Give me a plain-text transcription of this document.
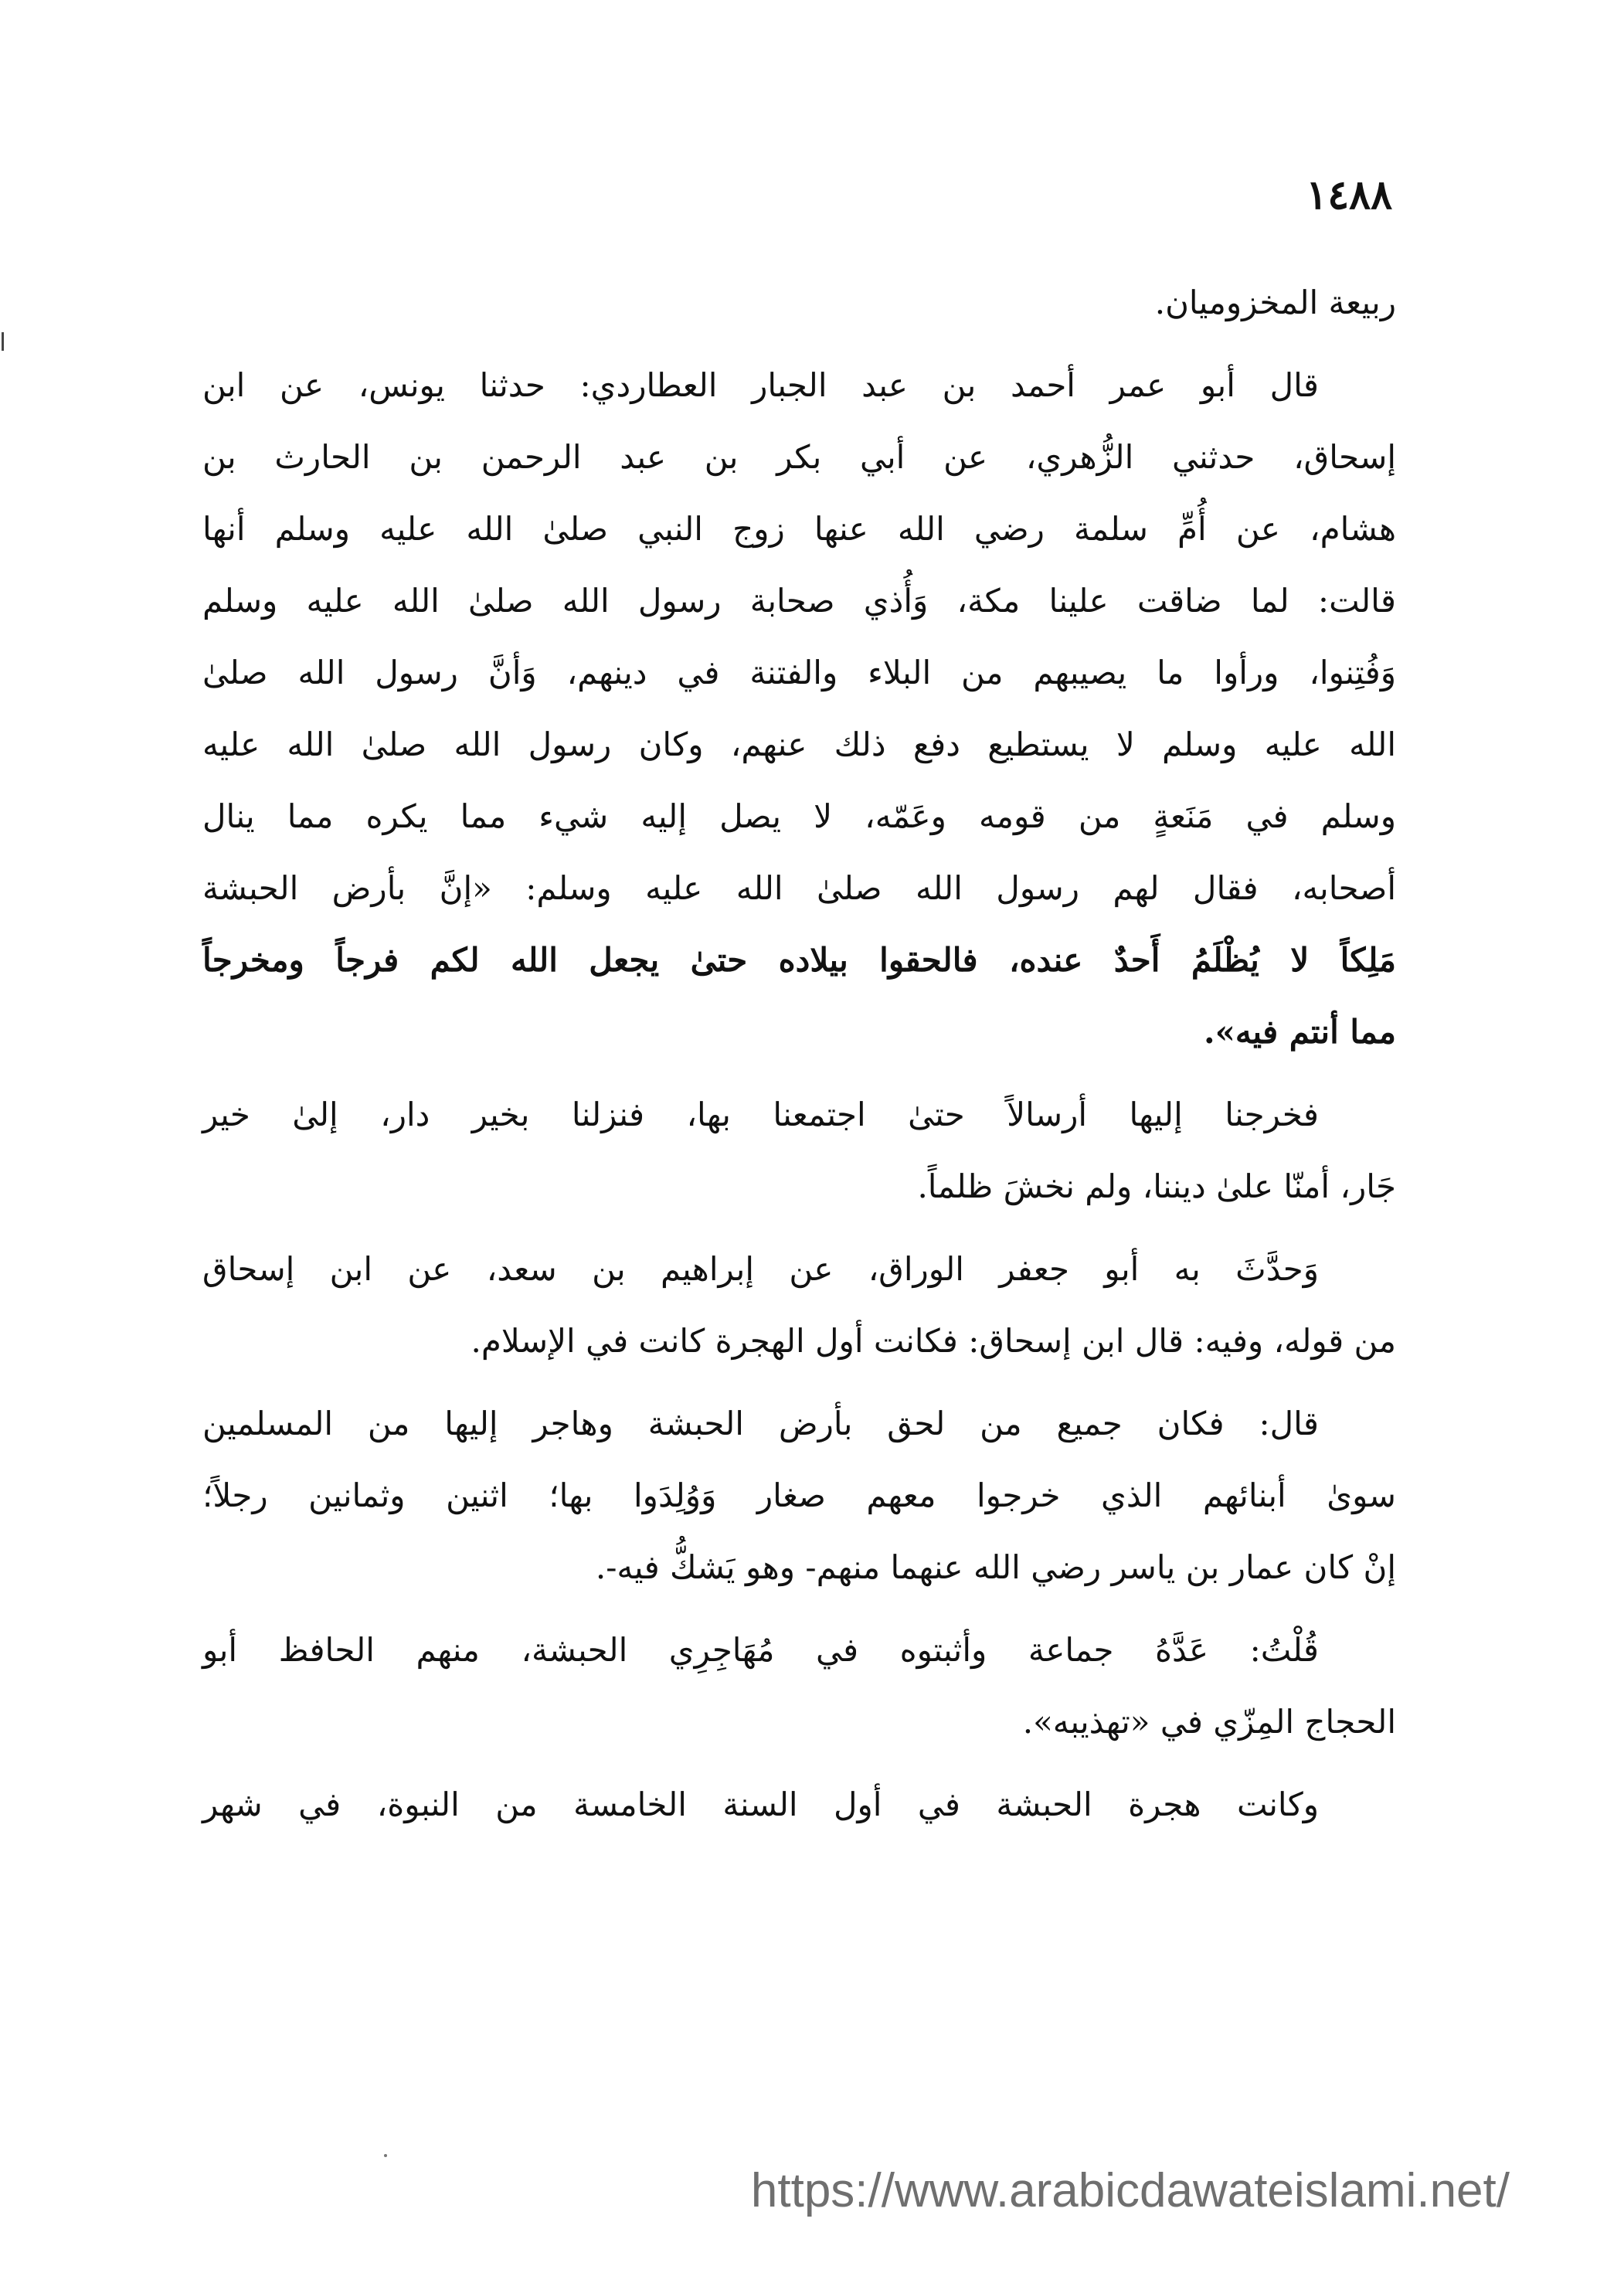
١٤٨٨

ربيعة المخزوميان.

قال أبو عمر أحمد بن عبد الجبار العطاردي: حدثنا يونس، عن ابن
إسحاق، حدثني الزُّهري، عن أبي بكر بن عبد الرحمن بن الحارث بن
هشام، عن أُمِّ سلمة رضي الله عنها زوج النبي صلىٰ الله عليه وسلم أنها
قالت: لما ضاقت علينا مكة، وَأُذي صحابة رسول الله صلىٰ الله عليه وسلم
وَفُتِنوا، ورأوا ما يصيبهم من البلاء والفتنة في دينهم، وَأنَّ رسول الله صلىٰ
الله عليه وسلم لا يستطيع دفع ذلك عنهم، وكان رسول الله صلىٰ الله عليه
وسلم في مَنَعةٍ من قومه وعَمّه، لا يصل إليه شيء مما يكره مما ينال
أصحابه، فقال لهم رسول الله صلىٰ الله عليه وسلم: «إنَّ بأرض الحبشة
مَلِكاً لا يُظْلَمُ أَحدٌ عنده، فالحقوا بيلاده حتىٰ يجعل الله لكم فرجاً ومخرجاً
مما أنتم فيه».

فخرجنا إليها أرسالاً حتىٰ اجتمعنا بها، فنزلنا بخير دار، إلىٰ خير
جَار، أمنّا علىٰ ديننا، ولم نخشَ ظلماً.

وَحدَّثَ به أبو جعفر الوراق، عن إبراهيم بن سعد، عن ابن إسحاق
من قوله، وفيه: قال ابن إسحاق: فكانت أول الهجرة كانت في الإسلام.

قال: فكان جميع من لحق بأرض الحبشة وهاجر إليها من المسلمين
سوىٰ أبنائهم الذي خرجوا معهم صغار وَوُلِدَوا بها؛ اثنين وثمانين رجلاً؛
إنْ كان عمار بن ياسر رضي الله عنهما منهم- وهو يَشكُّ فيه-.

قُلْتُ: عَدَّهُ جماعة وأثبتوه في مُهَاجِرِي الحبشة، منهم الحافظ أبو
الحجاج المِزّي في «تهذيبه».

وكانت هجرة الحبشة في أول السنة الخامسة من النبوة، في شهر

https://www.arabicdawateislami.net/
